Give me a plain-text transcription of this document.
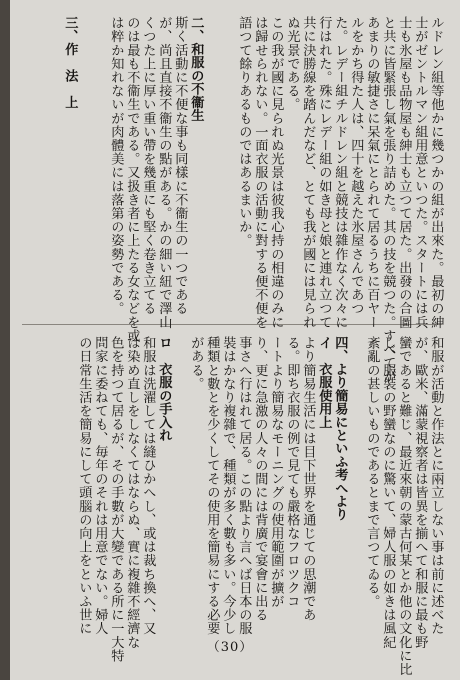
ルドレン組等他かに幾つかの組が出來た。最初の紳
士がゼントルマン組用意といつた。スタートには兵
士も氷屋も品物屋も紳士も立つて居た。出發の合圖
と共に皆緊張し氣を張り詰めた。其の技を競つた。すべてが
あまりの敏捷さに呆氣にとられて居るうちに百ヤー
ルをかち得た人は、四十を越えた氷屋さんであつ
た。レデー組チルドレン組と競技は雜作なく次々に
行はれた。殊にレデー組の如き母と娘と連れ立つて
共に決勝線を踏んだなど、とても我が國には見られ
ぬ光景である。
この我が國に見られぬ光景は彼我心持の相違のみに
は歸せられない。一面衣服の活動に對する便不便を
語つて餘りあるものではあるまいか。
二、和服の不衞生
斯く活動に不便な事も同樣に不衞生の一つである
が、尚且直接不衞生の點がある。かの細い紐で澤山
くつた上に厚い重い帶を幾重にも堅く卷き立てる
のは最も不衞生である。又扱き者に上たる女などを或
は粹か知れないが肉體美には落第の姿勢である。
三、作　法　上
和服が活動と作法とに兩立しない事は前に述べた
が、歐米、滿蒙視察者は皆異を揃へて和服に最も野
蠻であると難じ、最近來朝の蒙古何某とか他の文化に比
し、服裝の野蠻なのに驚いて、婦人服の如きは風紀
紊亂の甚しいものであるとまで言つてゐる。
四、より簡易にといふ考へより
イ　衣服使用上
より簡易生活には目下世界を通じての思潮であ
る。即ち衣服の例で見ても嚴格なフロツクコ
ートより簡易なモーニングの使用範圍が擴が
り、更に急激の人々の間には背廣で宴會に出る
事さへ行はれて居る。この點より言へば日本の服
裝はかなり複雜で、種類が多く數も多い。今少し
種類と數とを少くしてその使用を簡易にする必要
がある。
ロ　衣服の手入れ
和服は洗濯しては縫ひかへし、或は裁ち換へ、又
は染め直しをしなくてはならぬ、實に複雜不經濟な
色を持つて居るが、その手數が大變である所に一大特
問家に委ねても、毎年のそれは用意でない。婦人
の日常生活を簡易にして頭腦の向上をといふ世に
（30）
